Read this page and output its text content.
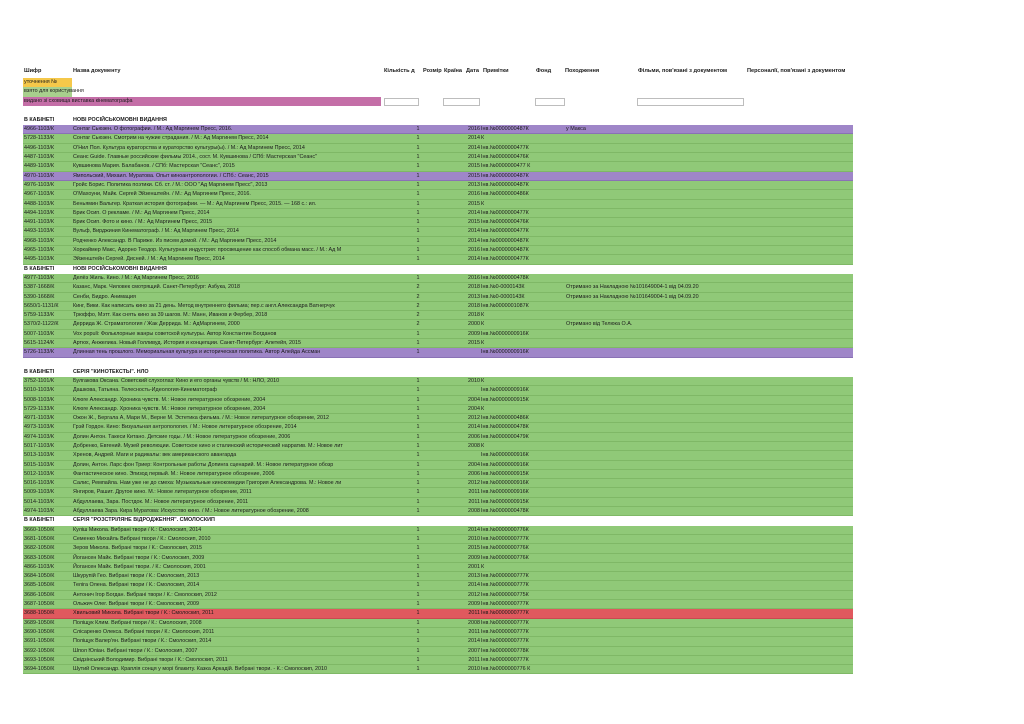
Шифр	Назва документу	Кількість д Розмір Країна Дата Примітки	Фонд Походження	Фільми, пов'язані з документом	Персоналії, пов'язані з документом
уточнення №
взято для користування
видано зі сховища виставка кінематографа
В КАБІНЕТІ	НОВІ РОСІЙСЬКОМОВНІ ВИДАННЯ
4966-1103/К	Сонтаг Сьюзен. О фотографии. / М.: Ад Маргинем Пресс, 2016.	1	2016 Інв.№0000000487К	у Макса
5728-1133/К	Сонтаг Сьюзен. Смотрим на чужие страдания. / М.: Ад Маргинем Пресс, 2014	1	2014 К
4496-1103/К	О'Нил Пол. Культура кураторства и кураторство культуры(ы). / М.: Ад Маргинем Пресс, 2014	1	2014 Інв.№0000000477К
4487-1103/К	Сеанс Guide. Главные российские фильмы 2014., сост. М. Кувшинова / СПб: Мастерская "Сеанс"	1	2014 Інв.№0000000476К
4489-1103/К	Кувшинова Мария. Балабанов. / СПб: Мастерская "Сеанс", 2015	1	2015 Інв.№0000000477 К
4970-1103/К	Ямпольский, Михаил. Муратова. Опыт киноантропологии. / СПб.: Сеанс, 2015	1	2015 Інв.№0000000487К
4976-1103/К	Гройс Борис. Политика поэтики. Сб. ст. / М.: ООО "Ад Маргинем Пресс", 2013	1	2013 Інв.№0000000487К
4967-1103/К	О'Махоуни, Майк. Сергей Эйзенштейн. / М.: Ад Маргинем Пресс, 2016.	1	2016 Інв.№0000000486К
4488-1103/К	Беньямин Вальтер. Краткая история фотографии. — М.: Ад Маргинем Пресс, 2015. — 168 с.: ил.	1	2015 К
4494-1103/К	Брик Осип. О рекламе. / М.: Ад Маргинем Пресс, 2014	1	2014 Інв.№0000000477К
4491-1103/К	Брик Осип. Фото и кино. / М.: Ад Маргинем Пресс, 2015	1	2015 Інв.№0000000476К
4493-1103/К	Вульф, Вирджиния Кинематограф. / М.: Ад Маргинем Пресс, 2014	1	2014 Інв.№0000000477К
4968-1103/К	Родченко Александр. В Париже. Из писем домой. / М.: Ад Маргинем Пресс, 2014	1	2014 Інв.№0000000487К
4965-1103/К	Хоркаймер Макс, Адорно Теодор. Культурная индустрия: просвещение как способ обмана масс. / М.: Ад М	1	2016 Інв.№0000000487К
4495-1103/К	Эйзенштейн Сергей. Дисней. / М.: Ад Маргинем Пресс, 2014	1	2014 Інв.№0000000477К
В КАБІНЕТІ	НОВІ РОСІЙСЬКОМОВНІ ВИДАННЯ
4977-1103/К	Делёз Жиль. Кино. / М.: Ад Маргинем Пресс, 2016	1	2016 Інв.№0000000478К
5387-1668/К	Казанс, Марк. Чиловек смотрящий. Санкт-Петербург: Азбука, 2018	2	2018 Інв.№0-0000143К	Отримано за Накладною №101649004-1 від 04.09.20
5390-1668/К	Сенби, Бидро. Анимация	2	2013 Інв.№0-0000143К	Отримано за Накладною №101649004-1 від 04.09.20
5650/1-1131/К	Кинг, Вики. Как написать кино за 21 день. Метод внутреннего фильма; пер.с англ.Александра Ватнерчук	2	2018 Інв.№0000001087К
5759-1133/К	Трюффо, Мэтт. Как снять кино за 39 шагов. М.: Манн, Иванов и Фербер, 2018	2	2018 К
5370/2-1122/К	Деррида Ж. Страматология / Жак Деррида. М.: АдМаргинем, 2000	2	2000 К	Отримано від Телюка О.А.
5007-1103/К	Vox populi: Фольклорные жанры советской культуры. Автор Константин Богданов	1	2009 Інв.№0000000916К
5615-1124/К	Артюх, Анжелика. Новый Голливуд. История и концепции. Санкт-Петербург: Алетейя, 2015	1	2015 К
5726-1133/К	Длинная тень прошлого. Мемориальная культура и историческая политика. Автор Алейда Ассман	1	Інв.№0000000916К
В КАБІНЕТІ	СЕРІЯ "КИНОТЕКСТЫ". НЛО
3752-1101/К	Булгакова Оксана. Советский слухоглаз: Кино и его органы чувств / М.: НЛО, 2010	1	2010 К
5010-1103/К	Дашкова, Татьяна. Телесность-Идеология-Кинематограф	1	Інв.№0000000916К
5008-1103/К	Клюге Александр. Хроника чувств. М.: Новое литературное обозрение, 2004	1	2004 Інв.№0000000915К
5729-1133/К	Клюге Александр. Хроника чувств. М.: Новое литературное обозрение, 2004	1	2004 К
4971-1103/К	Ожон Ж., Бергала А, Мари М., Верне М. Эстетика фильма. / М.: Новое литературное обозрение, 2012	1	2012 Інв.№0000000486К
4973-1103/К	Грэй Гордон. Кино: Визуальная антропология. / М.: Новое литературное обозрение, 2014	1	2014 Інв.№0000000478К
4974-1103/К	Долин Антон. Такеси Китано. Детские годы. / М.: Новое литературное обозрение, 2006	1	2006 Інв.№0000000479К
5017-1103/К	Добренко, Евгений. Музей революции. Советское кино и сталинский исторический нарратив. М.: Новое лит	1	2008 К
5013-1103/К	Хренов, Андрей. Маги и радикалы: век американского авангарда	1	Інв.№0000000916К
5015-1103/К	Долин, Антон. Ларс фон Триер: Контрольные работы Допинга сценарий. М.: Новое литературное обозр	1	2004 Інв.№0000000916К
5012-1103/К	Фантастическое кино. Эпизод первый. М.: Новое литературное обозрение, 2006	1	2006 Інв.№0000000915К
5016-1103/К	Салис, Ремпайла. Нам уже не до смеха: Музыкальные кинокомедии Григория Александрова. М.: Новое ли	1	2012 Інв.№0000000916К
5009-1103/К	Янгиров, Рашит. Другое кино. М.: Новое литературное обозрение, 2011	1	2011 Інв.№0000000916К
5014-1103/К	Абдуллаева, Зара. Постдок. М.: Новое литературное обозрение, 2011	1	2011 Інв.№0000000915К
4974-1103/К	Абдуллаева Зара. Кира Муратова: Искусство кино. / М.: Новое литературное обозрение, 2008	1	2008 Інв.№0000000478К
В КАБІНЕТІ	СЕРІЯ "РОЗСТРІЛЯНЕ ВІДРОДЖЕННЯ". СМОЛОСКИП
3660-1050/К	Куліш Микола. Вибрані твори / К.: Смолоскип, 2014	1	2014 Інв.№0000000776К
3681-1050/К	Семенко Михайль Вибрані твори / К.: Смолоскип, 2010	1	2010 Інв.№0000000777К
3682-1050/К	Зеров Микола. Вибрані твори / К.: Смолоскип, 2015	1	2015 Інв.№0000000776К
3683-1050/К	Йогансен Майк. Вибрані твори / К.: Смолоскип, 2009	1	2009 Інв.№0000000776К
4866-1103/К	Йогансен Майк. Вибрані твори. / К.: Смолоскип, 2001	1	2001 К
3684-1050/К	Шкурупій Гео. Вибрані твори / К.: Смолоскип, 2013	1	2013 Інв.№0000000777К
3685-1050/К	Теліга Олена. Вибрані твори / К.: Смолоскип, 2014	1	2014 Інв.№0000000777К
3686-1050/К	Антонич Ігор Богдан. Вибрані твори / К.: Смолоскип, 2012	1	2012 Інв.№0000000775К
3687-1050/К	Ольжич Олег. Вибрані твори / К.: Смолоскип, 2009	1	2009 Інв.№0000000777К
3688-1050/К	Хвильовий Микола. Вибрані твори / К.: Смолоскип, 2011	1	2011 Інв.№0000000777К
3689-1050/К	Поліщук Клим. Вибрані твори / К.: Смолоскип, 2008	1	2008 Інв.№0000000777К
3690-1050/К	Слісаренко Олекса. Вибрані твори / К.: Смолоскип, 2011	1	2011 Інв.№0000000777К
3691-1050/К	Поліщук Валер'ян. Вибрані твори / К.: Смолоскип, 2014	1	2014 Інв.№0000000777К
3692-1050/К	Шпол Юліан. Вибрані твори / К.: Смолоскип, 2007	1	2007 Інв.№0000000778К
3693-1050/К	Свідзінський Володимир. Вибрані твори / К.: Смолоскип, 2011	1	2011 Інв.№0000000777К
3694-1050/К	Шутий Олександр. Краплія сонця у морі блакиту. Казка Аркадій. Вибрані твори. - К.: Смолоскип, 2010	1	2010 Інв.№0000000776 К
